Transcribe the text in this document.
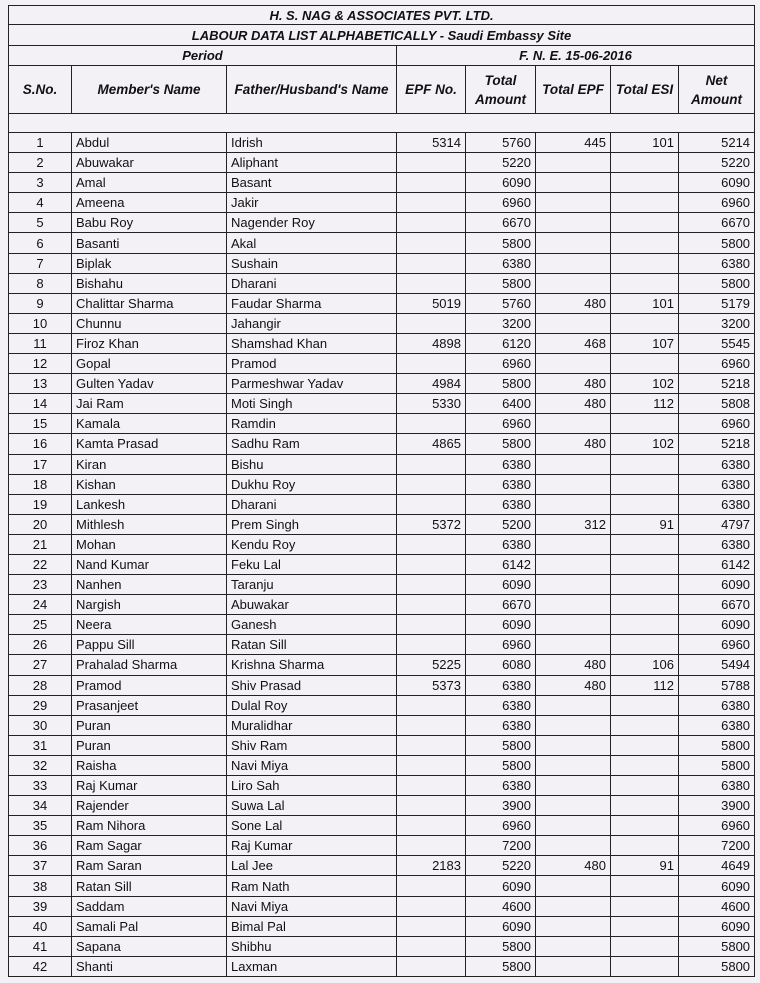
H. S. NAG & ASSOCIATES PVT. LTD.							
LABOUR DATA LIST ALPHABETICALLY - Saudi Embassy Site							
Period			F. N. E. 15-06-2016				
S.No.	Member's Name	Father/Husband's Name	EPF No.	Total
Amount	Total EPF	Total ESI	Net
Amount

1	Abdul	Idrish	5314	5760	445	101	5214
2	Abuwakar	Aliphant		5220			5220
3	Amal	Basant		6090			6090
4	Ameena	Jakir		6960			6960
5	Babu Roy	Nagender Roy		6670			6670
6	Basanti	Akal		5800			5800
7	Biplak	Sushain		6380			6380
8	Bishahu	Dharani		5800			5800
9	Chalittar Sharma	Faudar Sharma	5019	5760	480	101	5179
10	Chunnu	Jahangir		3200			3200
11	Firoz Khan	Shamshad Khan	4898	6120	468	107	5545
12	Gopal	Pramod		6960			6960
13	Gulten Yadav	Parmeshwar Yadav	4984	5800	480	102	5218
14	Jai Ram	Moti Singh	5330	6400	480	112	5808
15	Kamala	Ramdin		6960			6960
16	Kamta Prasad	Sadhu Ram	4865	5800	480	102	5218
17	Kiran	Bishu		6380			6380
18	Kishan	Dukhu Roy		6380			6380
19	Lankesh	Dharani		6380			6380
20	Mithlesh	Prem Singh	5372	5200	312	91	4797
21	Mohan	Kendu Roy		6380			6380
22	Nand Kumar	Feku Lal		6142			6142
23	Nanhen	Taranju		6090			6090
24	Nargish	Abuwakar		6670			6670
25	Neera	Ganesh		6090			6090
26	Pappu Sill	Ratan Sill		6960			6960
27	Prahalad Sharma	Krishna Sharma	5225	6080	480	106	5494
28	Pramod	Shiv Prasad	5373	6380	480	112	5788
29	Prasanjeet	Dulal Roy		6380			6380
30	Puran	Muralidhar		6380			6380
31	Puran	Shiv Ram		5800			5800
32	Raisha	Navi Miya		5800			5800
33	Raj Kumar	Liro Sah		6380			6380
34	Rajender	Suwa Lal		3900			3900
35	Ram Nihora	Sone Lal		6960			6960
36	Ram Sagar	Raj Kumar		7200			7200
37	Ram Saran	Lal Jee	2183	5220	480	91	4649
38	Ratan Sill	Ram Nath		6090			6090
39	Saddam	Navi Miya		4600			4600
40	Samali Pal	Bimal Pal		6090			6090
41	Sapana	Shibhu		5800			5800
42	Shanti	Laxman		5800			5800
